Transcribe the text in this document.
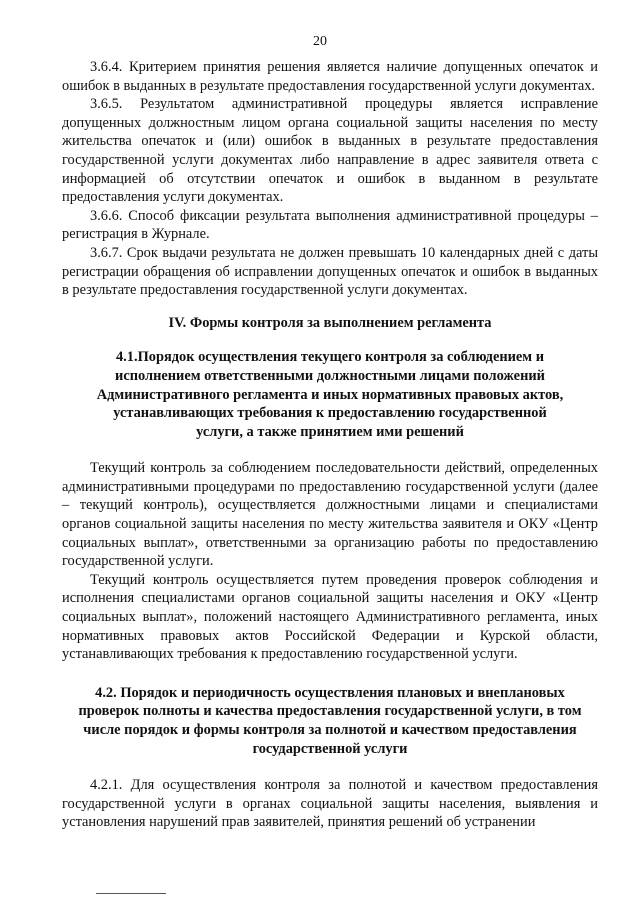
20

3.6.4. Критерием принятия решения является наличие допущенных опечаток и ошибок в выданных в результате предоставления государственной услуги документах.

3.6.5. Результатом административной процедуры является исправление допущенных должностным лицом органа социальной защиты населения по месту жительства опечаток и (или) ошибок в выданных в результате предоставления государственной услуги документах либо направление в адрес заявителя ответа с информацией об отсутствии опечаток и ошибок в выданном в результате предоставления услуги документах.

3.6.6. Способ фиксации результата выполнения административной процедуры – регистрация в Журнале.

3.6.7. Срок выдачи результата не должен превышать 10 календарных дней с даты регистрации обращения об исправлении допущенных опечаток и ошибок в выданных в результате предоставления государственной услуги документах.

IV. Формы контроля за выполнением регламента
4.1.Порядок осуществления текущего контроля за соблюдением и исполнением ответственными должностными лицами положений Административного регламента и иных нормативных правовых актов, устанавливающих требования к предоставлению государственной услуги, а также принятием ими решений

Текущий контроль за соблюдением последовательности действий, определенных административными процедурами по предоставлению государственной услуги (далее – текущий контроль), осуществляется должностными лицами и специалистами органов социальной защиты населения по месту жительства заявителя и ОКУ «Центр социальных выплат», ответственными за организацию работы по предоставлению государственной услуги.

Текущий контроль осуществляется путем проведения проверок соблюдения и исполнения специалистами органов социальной защиты населения и ОКУ «Центр социальных выплат», положений настоящего Административного регламента, иных нормативных правовых актов Российской Федерации и Курской области, устанавливающих требования к предоставлению государственной услуги.

4.2. Порядок и периодичность осуществления плановых и внеплановых проверок полноты и качества предоставления государственной услуги, в том числе порядок и формы контроля за полнотой и качеством предоставления государственной услуги

4.2.1. Для осуществления контроля за полнотой и качеством предоставления государственной услуги в органах социальной защиты населения, выявления и установления нарушений прав заявителей, принятия решений об устранении
